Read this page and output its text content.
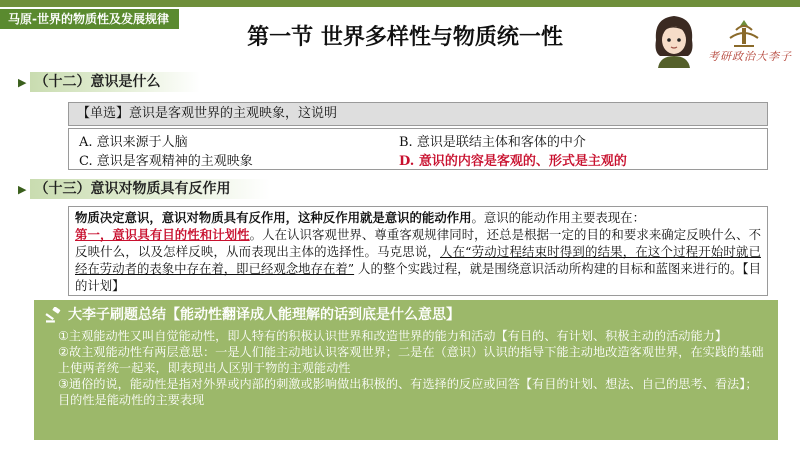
马原-世界的物质性及发展规律
第一节 世界多样性与物质统一性
考研政治大李子
▶ （十二）意识是什么
【单选】意识是客观世界的主观映象，这说明
A. 意识来源于人脑	B. 意识是联结主体和客体的中介
C. 意识是客观精神的主观映象	D. 意识的内容是客观的、形式是主观的
▶ （十三）意识对物质具有反作用
物质决定意识，意识对物质具有反作用，这种反作用就是意识的能动作用。意识的能动作用主要表现在：
第一，意识具有目的性和计划性。人在认识客观世界、尊重客观规律同时，还总是根据一定的目的和要求来确定反映什么、不反映什么，以及怎样反映，从而表现出主体的选择性。马克思说，人在“劳动过程结束时得到的结果，在这个过程开始时就已经在劳动者的表象中存在着，即已经观念地存在着” 人的整个实践过程，就是围绕意识活动所构建的目标和蓝图来进行的。【目的计划】
大李子刷题总结【能动性翻译成人能理解的话到底是什么意思】
①主观能动性又叫自觉能动性，即人特有的积极认识世界和改造世界的能力和活动【有目的、有计划、积极主动的活动能力】
②故主观能动性有两层意思：一是人们能主动地认识客观世界；二是在（意识）认识的指导下能主动地改造客观世界，在实践的基础上使两者统一起来，即表现出人区别于物的主观能动性
③通俗的说，能动性是指对外界或内部的刺激或影响做出积极的、有选择的反应或回答【有目的计划、想法、自己的思考、看法】；目的性是能动性的主要表现
